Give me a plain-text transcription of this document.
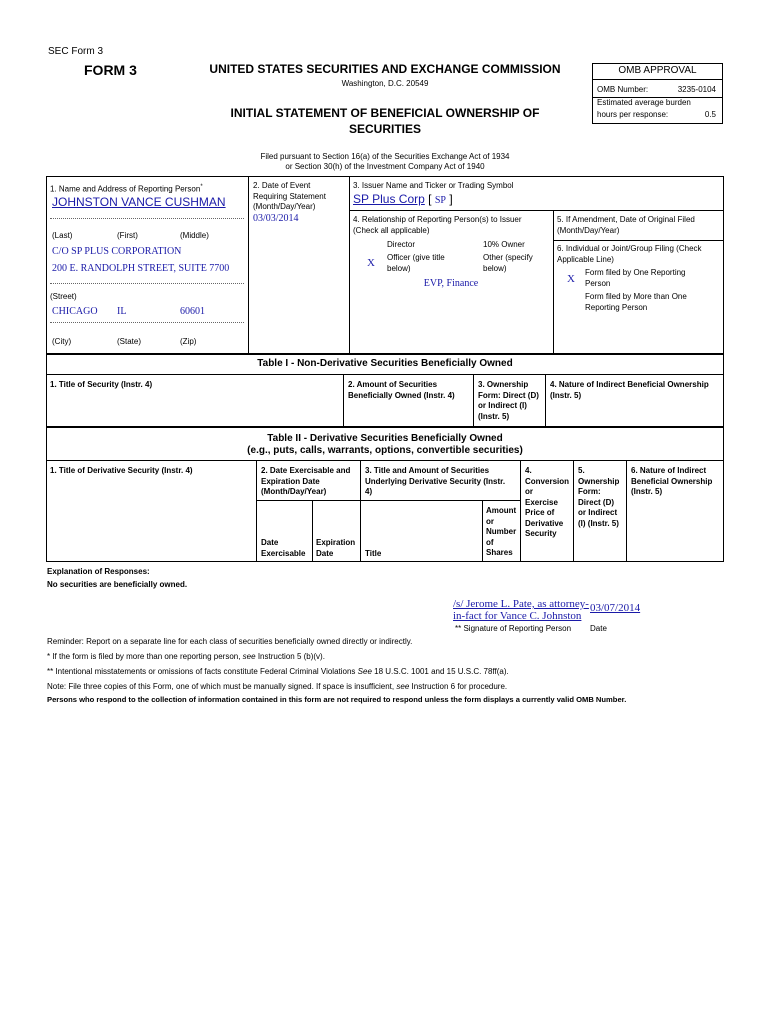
SEC Form 3
FORM 3	UNITED STATES SECURITIES AND EXCHANGE COMMISSION
Washington, D.C. 20549
INITIAL STATEMENT OF BENEFICIAL OWNERSHIP OF
SECURITIES
OMB APPROVAL
OMB Number:	3235-0104
Estimated average burden
hours per response:	0.5
Filed pursuant to Section 16(a) of the Securities Exchange Act of 1934
or Section 30(h) of the Investment Company Act of 1940
1. Name and Address of Reporting Person*
JOHNSTON VANCE CUSHMAN
(Last)	(First)	(Middle)
C/O SP PLUS CORPORATION
200 E. RANDOLPH STREET, SUITE 7700
(Street)
CHICAGO IL	60601
(City)	(State)	(Zip)
2. Date of Event
Requiring Statement
(Month/Day/Year)
03/03/2014
3. Issuer Name and Ticker or Trading Symbol
SP Plus Corp [ SP ]
4. Relationship of Reporting Person(s) to Issuer
(Check all applicable)
Director	10% Owner
X Officer (give title
below)
Other (specify
below)
EVP, Finance
5. If Amendment, Date of Original Filed
(Month/Day/Year)
6. Individual or Joint/Group Filing (Check
Applicable Line)
X
Form filed by One Reporting
Person
Form filed by More than One
Reporting Person
Table I - Non-Derivative Securities Beneficially Owned
1. Title of Security (Instr. 4)	2. Amount of Securities
Beneficially Owned (Instr. 4)
3. Ownership
Form: Direct (D)
or Indirect (I)
(Instr. 5)
4. Nature of Indirect Beneficial Ownership
(Instr. 5)
Table II - Derivative Securities Beneficially Owned
(e.g., puts, calls, warrants, options, convertible securities)
1. Title of Derivative Security (Instr. 4)	2. Date Exercisable and
Expiration Date
(Month/Day/Year)
Date
Exercisable
Expiration
Date
3. Title and Amount of Securities
Underlying Derivative Security (Instr.
4)
Title
Amount
or
Number
of
Shares
4.
Conversion
or
Exercise
Price of
Derivative
Security
5.
Ownership
Form:
Direct (D)
or Indirect
(I) (Instr. 5)
6. Nature of Indirect
Beneficial Ownership
(Instr. 5)
Explanation of Responses:
No securities are beneficially owned.
/s/ Jerome L. Pate, as attorney-
in-fact for Vance C. Johnston
03/07/2014
** Signature of Reporting Person Date
Reminder: Report on a separate line for each class of securities beneficially owned directly or indirectly.
* If the form is filed by more than one reporting person, see Instruction 5 (b)(v).
** Intentional misstatements or omissions of facts constitute Federal Criminal Violations See 18 U.S.C. 1001 and 15 U.S.C. 78ff(a).
Note: File three copies of this Form, one of which must be manually signed. If space is insufficient, see Instruction 6 for procedure.
Persons who respond to the collection of information contained in this form are not required to respond unless the form displays a currently valid OMB Number.
